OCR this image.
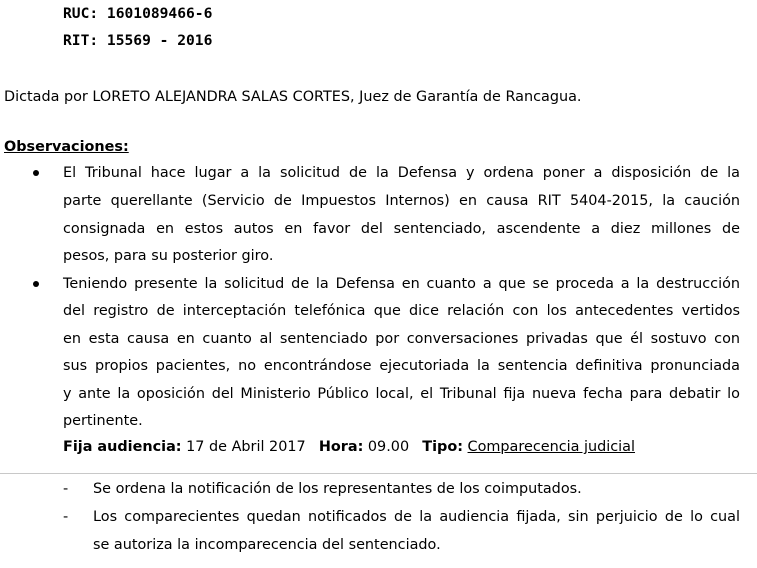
RUC: 1601089466-6
RIT: 15569 - 2016
Dictada por LORETO ALEJANDRA SALAS CORTES, Juez de Garantía de Rancagua.
Observaciones:
El Tribunal hace lugar a la solicitud de la Defensa y ordena poner a disposición de la
parte querellante (Servicio de Impuestos Internos) en causa RIT 5404-2015, la caución
consignada en estos autos en favor del sentenciado, ascendente a diez millones de
pesos, para su posterior giro.
Teniendo presente la solicitud de la Defensa en cuanto a que se proceda a la destrucción
del registro de interceptación telefónica que dice relación con los antecedentes vertidos
en esta causa en cuanto al sentenciado por conversaciones privadas que él sostuvo con
sus propios pacientes, no encontrándose ejecutoriada la sentencia definitiva pronunciada
y ante la oposición del Ministerio Público local, el Tribunal fija nueva fecha para debatir lo
pertinente.
Fija audiencia: 17 de Abril 2017 Hora: 09.00 Tipo: Comparecencia judicial
- Se ordena la notificación de los representantes de los coimputados.
- Los comparecientes quedan notificados de la audiencia fijada, sin perjuicio de lo cual
se autoriza la incomparecencia del sentenciado.
